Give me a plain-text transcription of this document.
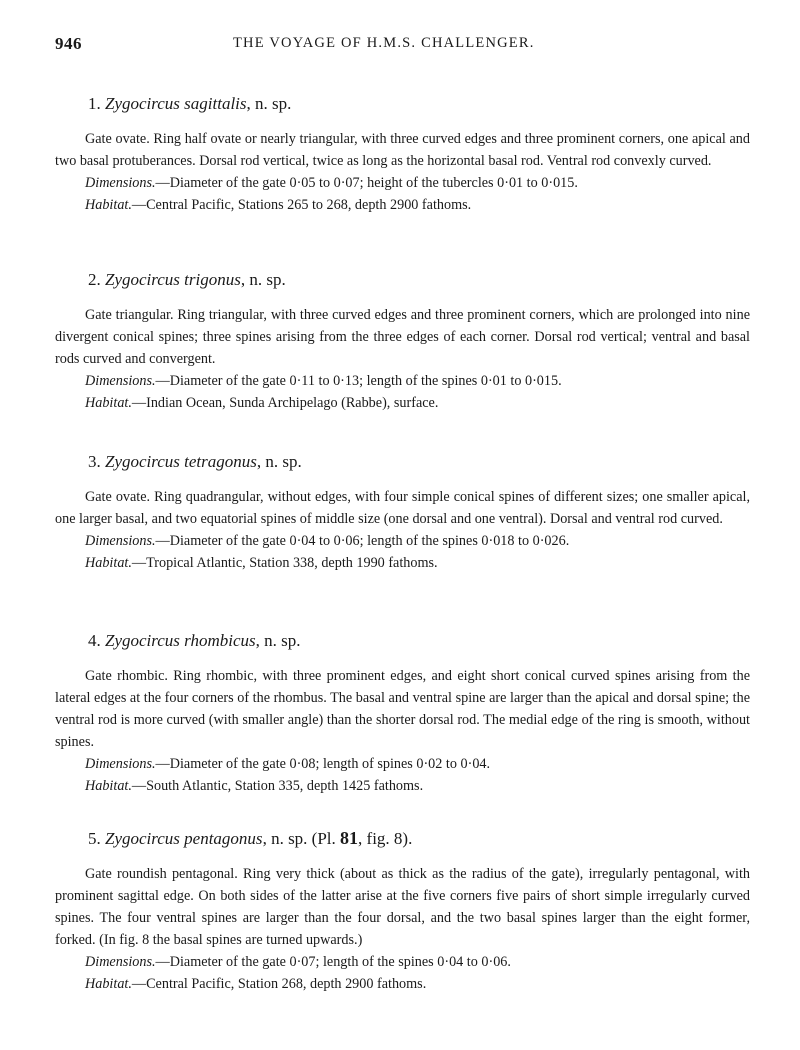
946	THE VOYAGE OF H.M.S. CHALLENGER.
1. Zygocircus sagittalis, n. sp.

Gate ovate. Ring half ovate or nearly triangular, with three curved edges and three prominent corners, one apical and two basal protuberances. Dorsal rod vertical, twice as long as the horizontal basal rod. Ventral rod convexly curved.

Dimensions.—Diameter of the gate 0·05 to 0·07; height of the tubercles 0·01 to 0·015.
Habitat.—Central Pacific, Stations 265 to 268, depth 2900 fathoms.
2. Zygocircus trigonus, n. sp.

Gate triangular. Ring triangular, with three curved edges and three prominent corners, which are prolonged into nine divergent conical spines; three spines arising from the three edges of each corner. Dorsal rod vertical; ventral and basal rods curved and convergent.

Dimensions.—Diameter of the gate 0·11 to 0·13; length of the spines 0·01 to 0·015.
Habitat.—Indian Ocean, Sunda Archipelago (Rabbe), surface.
3. Zygocircus tetragonus, n. sp.

Gate ovate. Ring quadrangular, without edges, with four simple conical spines of different sizes; one smaller apical, one larger basal, and two equatorial spines of middle size (one dorsal and one ventral). Dorsal and ventral rod curved.

Dimensions.—Diameter of the gate 0·04 to 0·06; length of the spines 0·018 to 0·026.
Habitat.—Tropical Atlantic, Station 338, depth 1990 fathoms.
4. Zygocircus rhombicus, n. sp.

Gate rhombic. Ring rhombic, with three prominent edges, and eight short conical curved spines arising from the lateral edges at the four corners of the rhombus. The basal and ventral spine are larger than the apical and dorsal spine; the ventral rod is more curved (with smaller angle) than the shorter dorsal rod. The medial edge of the ring is smooth, without spines.

Dimensions.—Diameter of the gate 0·08; length of spines 0·02 to 0·04.
Habitat.—South Atlantic, Station 335, depth 1425 fathoms.
5. Zygocircus pentagonus, n. sp. (Pl. 81, fig. 8).

Gate roundish pentagonal. Ring very thick (about as thick as the radius of the gate), irregularly pentagonal, with prominent sagittal edge. On both sides of the latter arise at the five corners five pairs of short simple irregularly curved spines. The four ventral spines are larger than the four dorsal, and the two basal spines larger than the eight former, forked. (In fig. 8 the basal spines are turned upwards.)

Dimensions.—Diameter of the gate 0·07; length of the spines 0·04 to 0·06.
Habitat.—Central Pacific, Station 268, depth 2900 fathoms.
